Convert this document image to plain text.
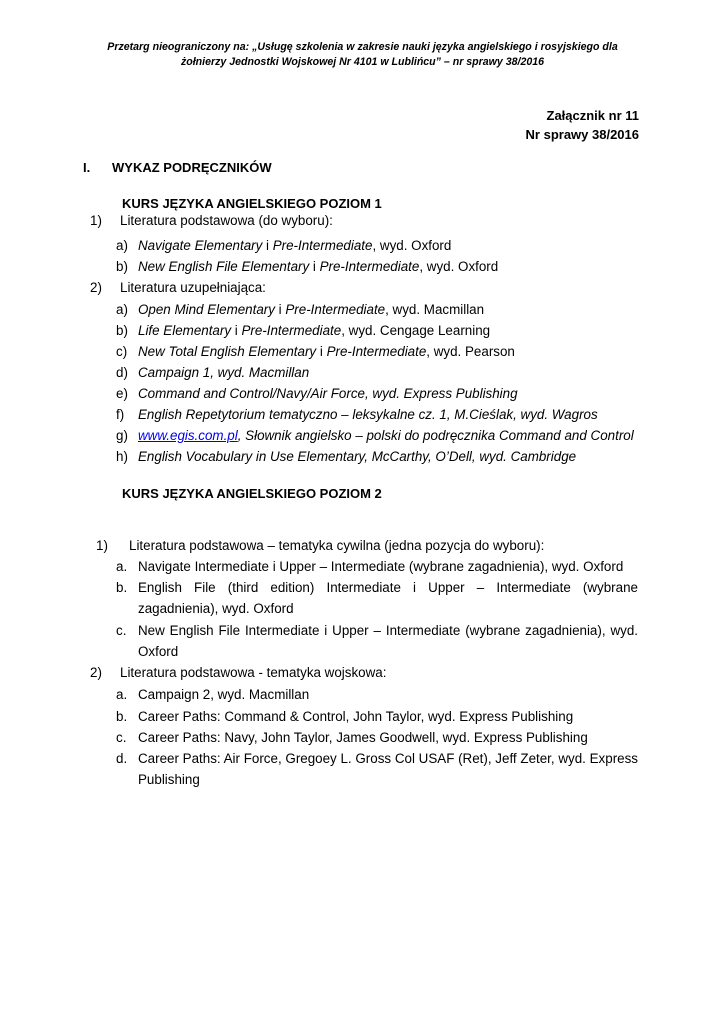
Przetarg nieograniczony na: „Usługę szkolenia w zakresie nauki języka angielskiego i rosyjskiego dla
żołnierzy Jednostki Wojskowej Nr 4101 w Lublińcu” – nr sprawy 38/2016
Załącznik nr 11
Nr sprawy 38/2016
I. WYKAZ PODRĘCZNIKÓW
KURS JĘZYKA ANGIELSKIEGO POZIOM 1
1) Literatura podstawowa (do wyboru):
a) Navigate Elementary i Pre-Intermediate, wyd. Oxford
b) New English File Elementary i Pre-Intermediate, wyd. Oxford
2) Literatura uzupełniająca:
a) Open Mind Elementary i Pre-Intermediate, wyd. Macmillan
b) Life Elementary i Pre-Intermediate, wyd. Cengage Learning
c) New Total English Elementary i Pre-Intermediate, wyd. Pearson
d) Campaign 1, wyd. Macmillan
e) Command and Control/Navy/Air Force, wyd. Express Publishing
f) English Repetytorium tematyczno – leksykalne cz. 1, M.Cieślak, wyd. Wagros
g) www.egis.com.pl, Słownik angielsko – polski do podręcznika Command and Control
h) English Vocabulary in Use Elementary, McCarthy, O’Dell, wyd. Cambridge
KURS JĘZYKA ANGIELSKIEGO POZIOM 2
1) Literatura podstawowa – tematyka cywilna (jedna pozycja do wyboru):
a. Navigate Intermediate i Upper – Intermediate (wybrane zagadnienia), wyd. Oxford
b. English File (third edition) Intermediate i Upper – Intermediate (wybrane zagadnienia), wyd. Oxford
c. New English File Intermediate i Upper – Intermediate (wybrane zagadnienia), wyd. Oxford
2) Literatura podstawowa - tematyka wojskowa:
a. Campaign 2, wyd. Macmillan
b. Career Paths: Command & Control, John Taylor, wyd. Express Publishing
c. Career Paths: Navy, John Taylor, James Goodwell, wyd. Express Publishing
d. Career Paths: Air Force, Gregoey L. Gross Col USAF (Ret), Jeff Zeter, wyd. Express Publishing
